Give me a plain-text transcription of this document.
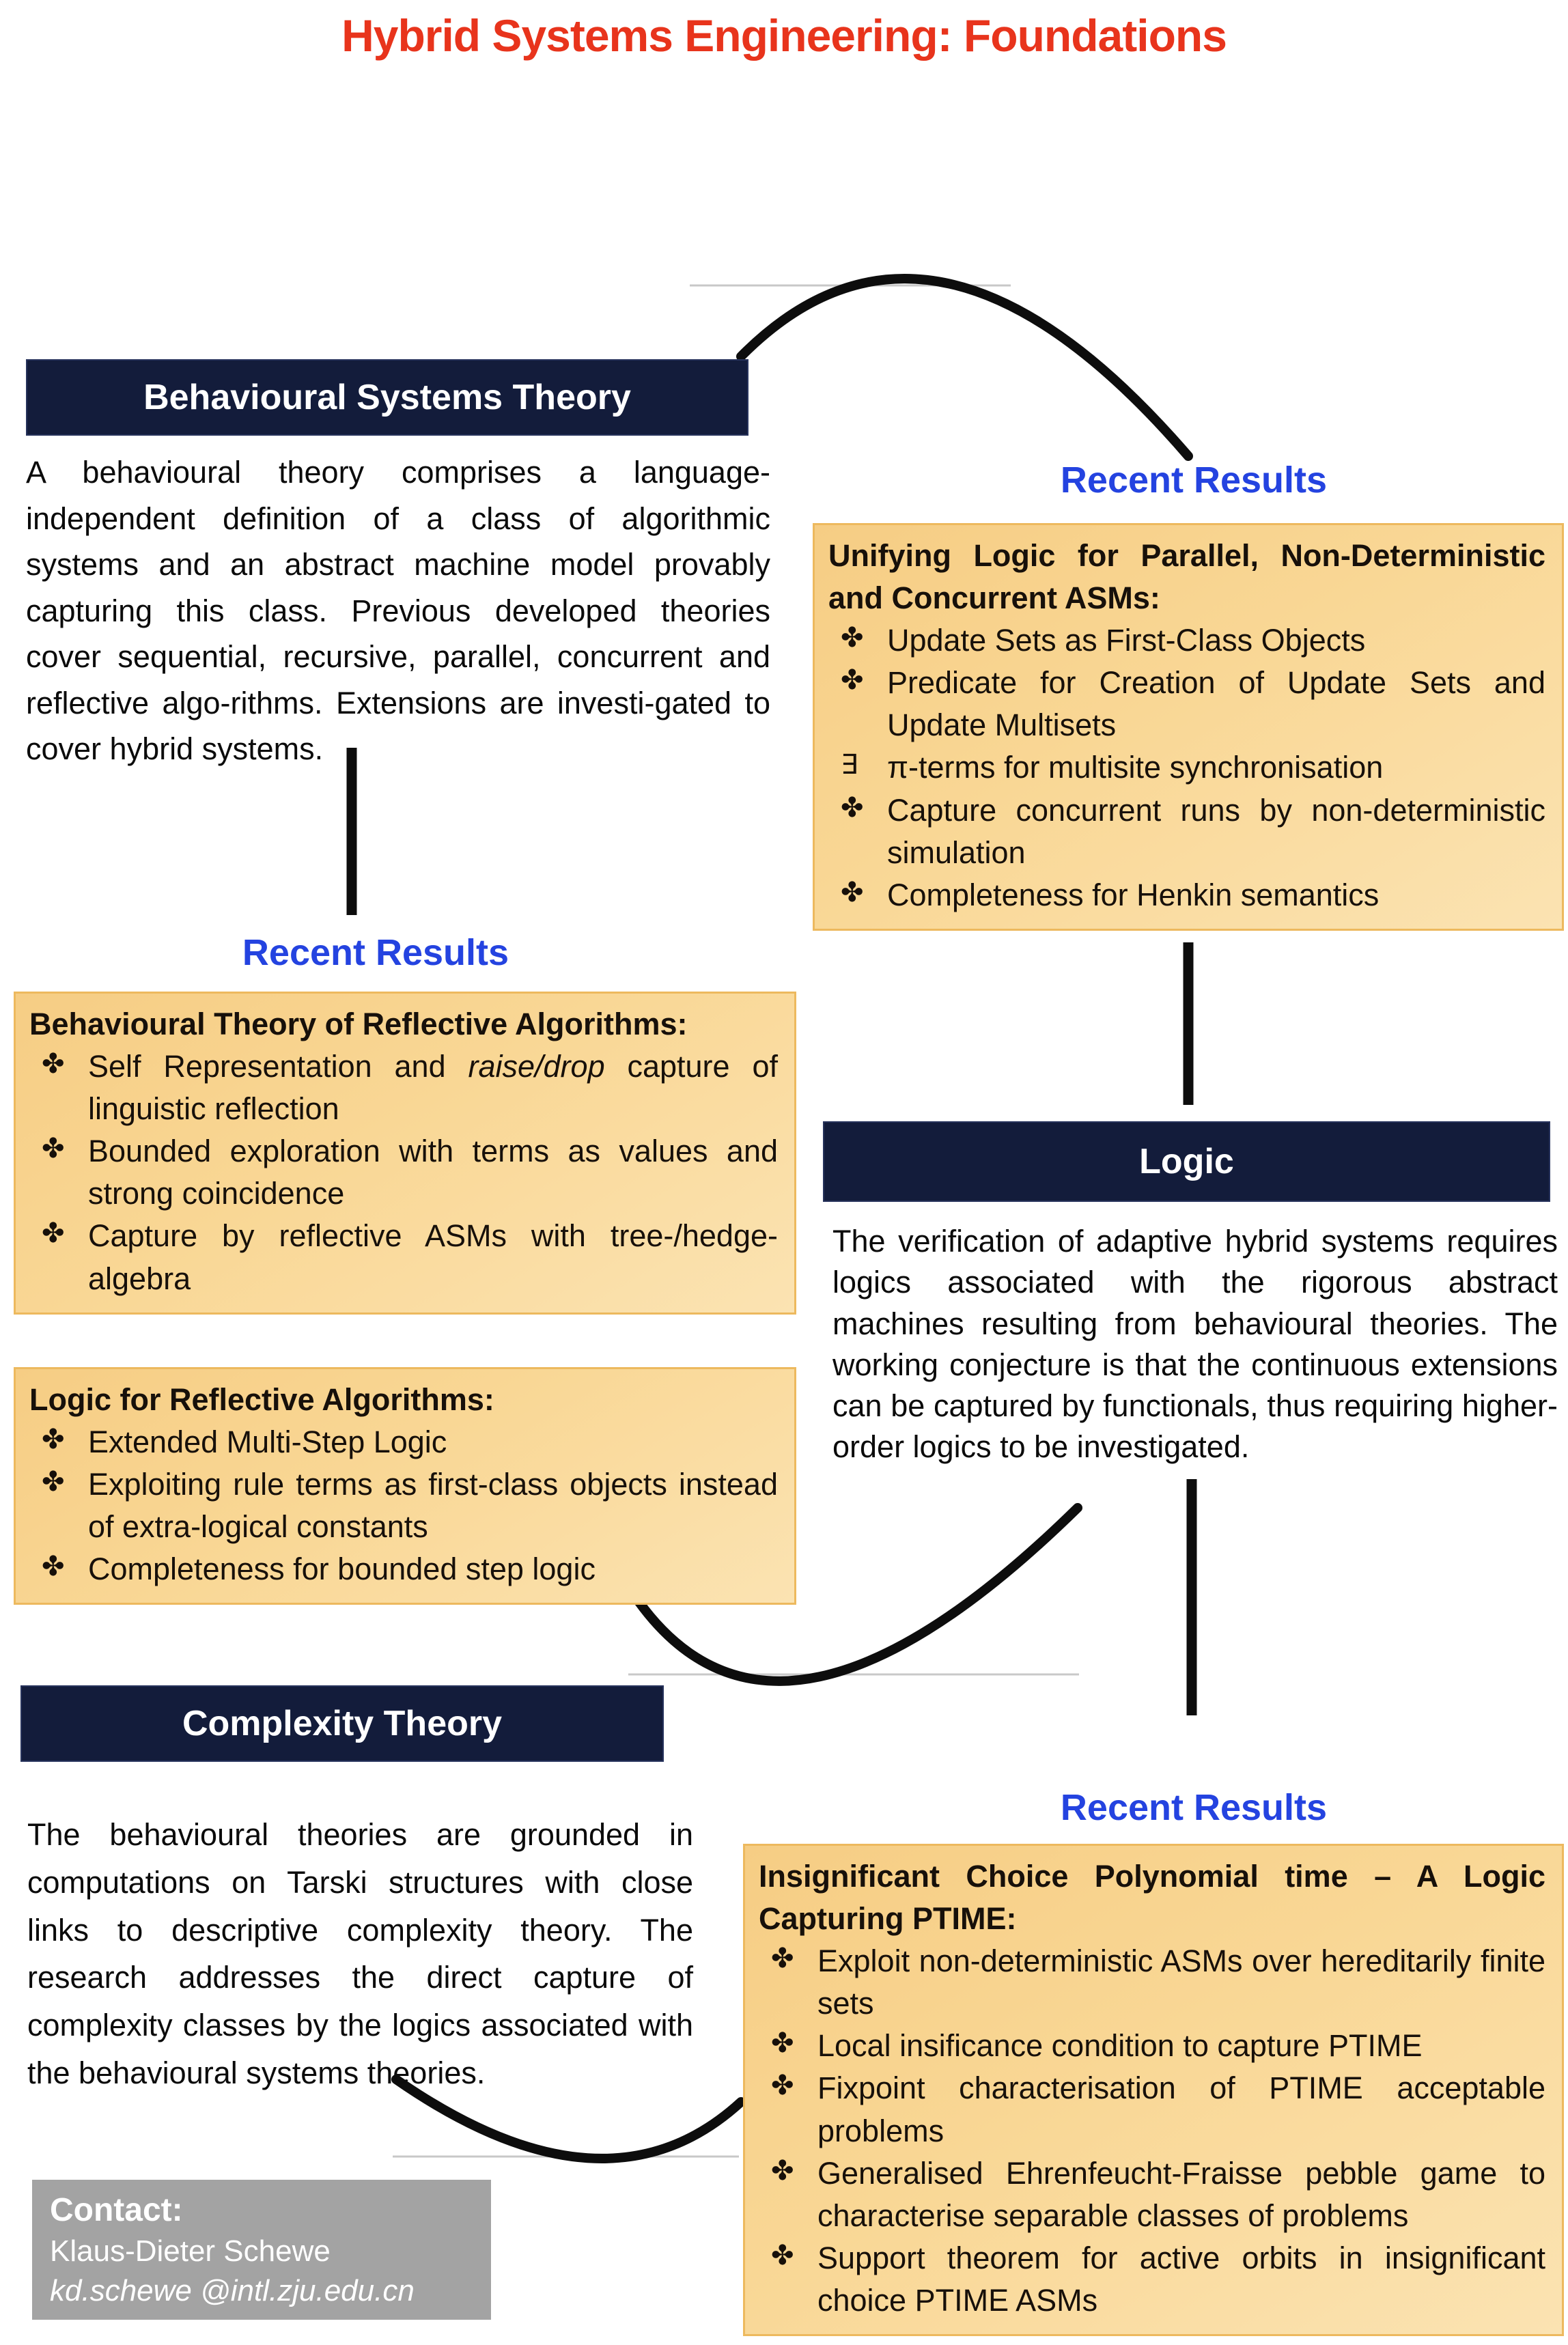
Hybrid Systems Engineering: Foundations
Behavioural Systems Theory
A behavioural theory comprises a language-independent definition of a class of algorithmic systems and an abstract machine model provably capturing this class. Previous developed theories cover sequential, recursive, parallel, concurrent and reflective algo-rithms. Extensions are investi-gated to cover hybrid systems.
Recent Results
Behavioural Theory of Reflective Algorithms:
✤ Self Representation and raise/drop capture of linguistic reflection
✤ Bounded exploration with terms as values and strong coincidence
✤ Capture by reflective ASMs with tree-/hedge-algebra
Logic for Reflective Algorithms:
✤ Extended Multi-Step Logic
✤ Exploiting rule terms as first-class objects instead of extra-logical constants
✤ Completeness for bounded step logic
Complexity Theory
The behavioural theories are grounded in computations on Tarski structures with close links to descriptive complexity theory. The research addresses the direct capture of complexity classes by the logics associated with the behavioural systems theories.
Contact:
Klaus-Dieter Schewe
kd.schewe @intl.zju.edu.cn
Recent Results
Unifying Logic for Parallel, Non-Deterministic and Concurrent ASMs:
✤ Update Sets as First-Class Objects
✤ Predicate for Creation of Update Sets and Update Multisets
∃ π-terms for multisite synchronisation
✤ Capture concurrent runs by non-deterministic simulation
✤ Completeness for Henkin semantics
Logic
The verification of adaptive hybrid systems requires logics associated with the rigorous abstract machines resulting from behavioural theories. The working conjecture is that the continuous extensions can be captured by functionals, thus requiring higher-order logics to be investigated.
Recent Results
Insignificant Choice Polynomial time – A Logic Capturing PTIME:
✤ Exploit non-deterministic ASMs over hereditarily finite sets
✤ Local insificance condition to capture PTIME
✤ Fixpoint characterisation of PTIME acceptable problems
✤ Generalised Ehrenfeucht-Fraisse pebble game to characterise separable classes of problems
✤ Support theorem for active orbits in insignificant choice PTIME ASMs
